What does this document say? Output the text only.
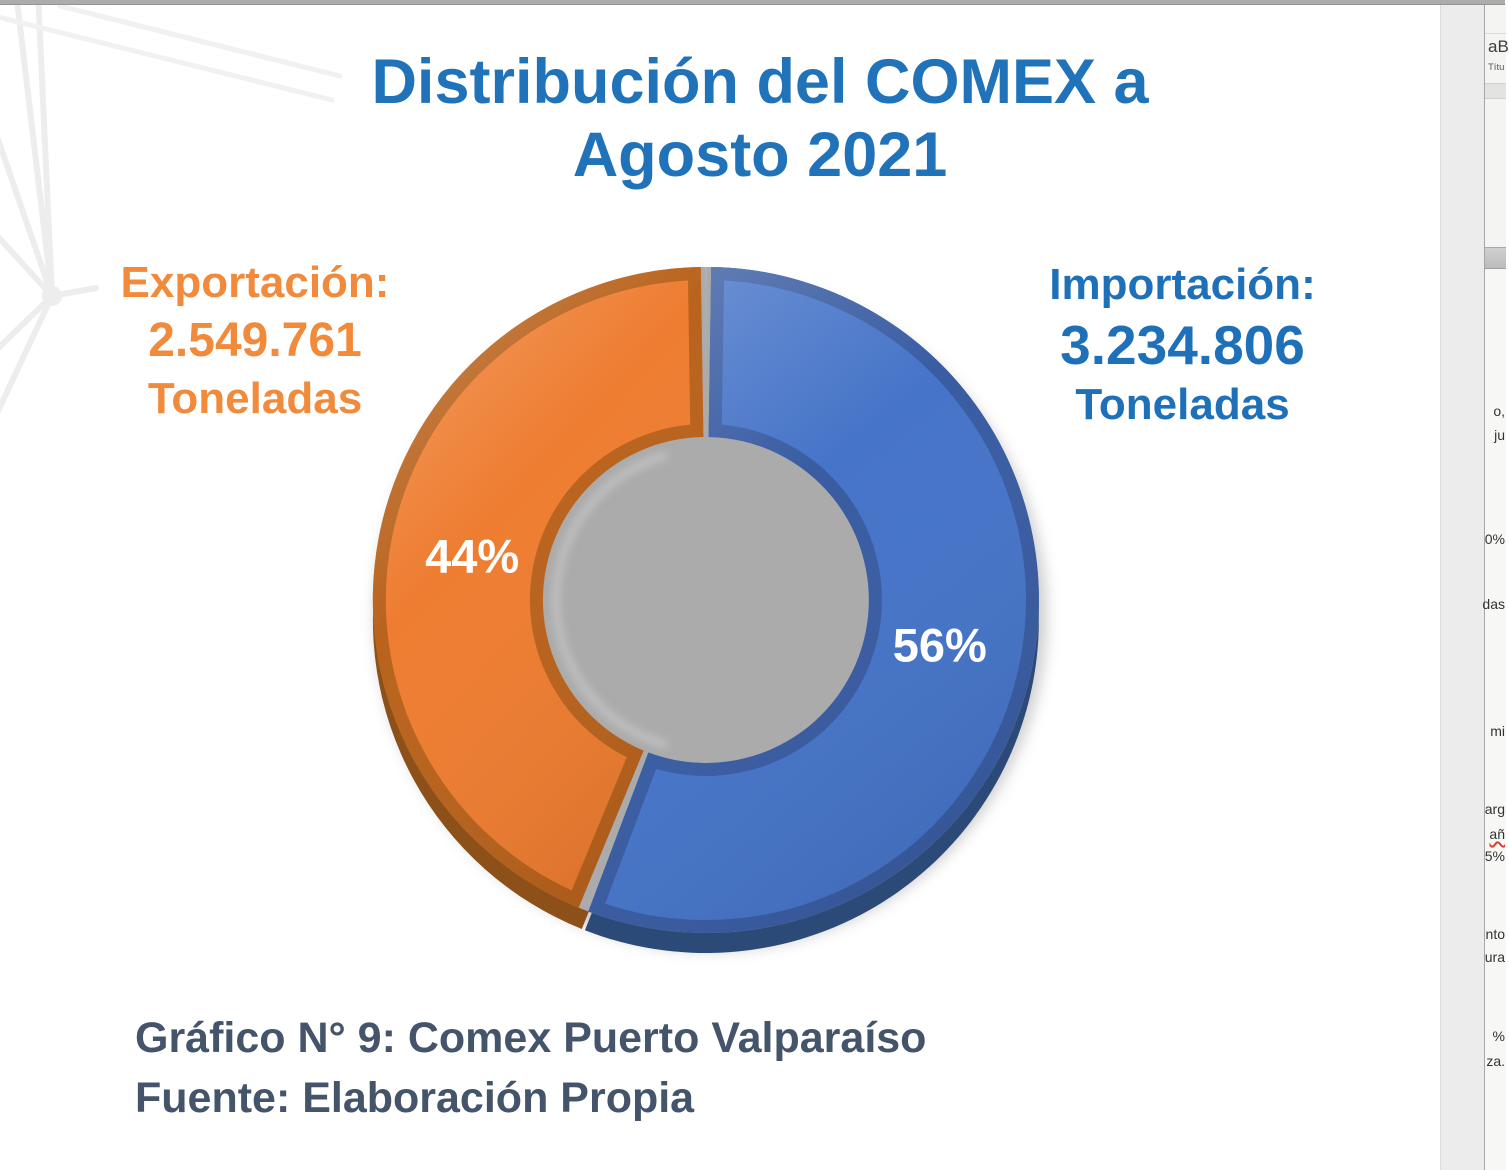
Distribución del COMEX a
Agosto 2021
Exportación:
2.549.761
Toneladas
Importación:
3.234.806
Toneladas
56%
44%
Gráfico N° 9: Comex Puerto Valparaíso
Fuente: Elaboración Propia
aB
Títu
o,
ju
0%
das
mi
arg
añ
5%
nto
ura
%
za.
